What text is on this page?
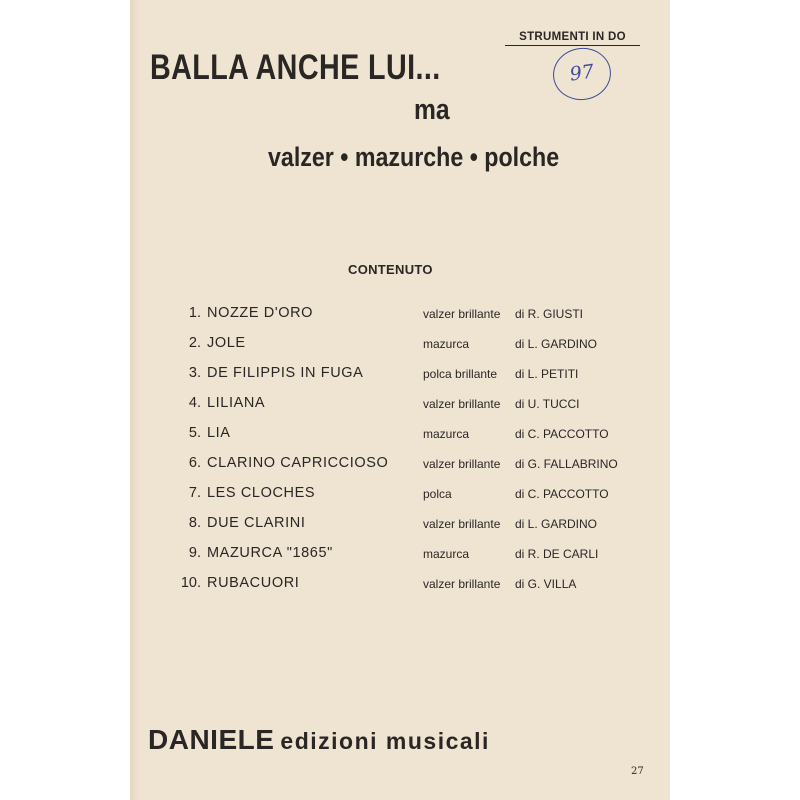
STRUMENTI IN DO
97
BALLA ANCHE LUI...
ma
valzer • mazurche • polche
CONTENUTO
1. NOZZE D'ORO	valzer brillante di R. GIUSTI
2. JOLE	mazurca	di L. GARDINO
3. DE FILIPPIS IN FUGA	polca brillante di L. PETITI
4. LILIANA	valzer brillante di U. TUCCI
5. LIA	mazurca	di C. PACCOTTO
6. CLARINO CAPRICCIOSO	valzer brillante di G. FALLABRINO
7. LES CLOCHES	polca	di C. PACCOTTO
8. DUE CLARINI	valzer brillante di L. GARDINO
9. MAZURCA "1865"	mazurca	di R. DE CARLI
10. RUBACUORI	valzer brillante di G. VILLA
DANIELE edizioni musicali
27
